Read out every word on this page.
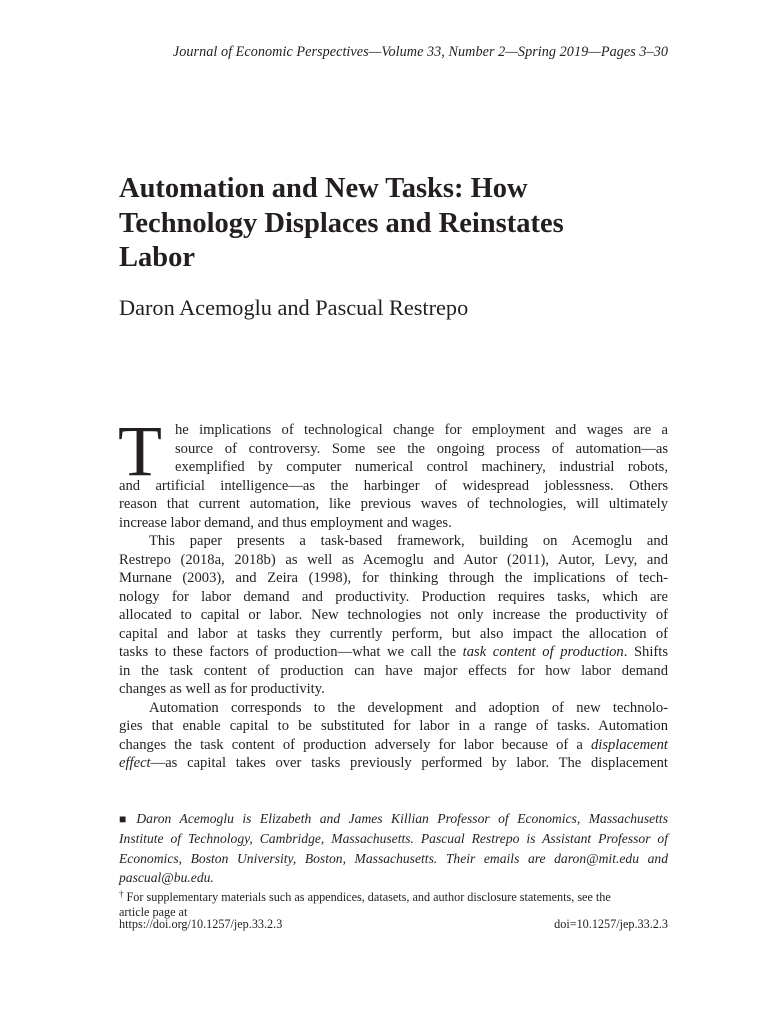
Journal of Economic Perspectives—Volume 33, Number 2—Spring 2019—Pages 3–30
Automation and New Tasks: How
Technology Displaces and Reinstates
Labor
Daron Acemoglu and Pascual Restrepo
T he implications of technological change for employment and wages are a
source of controversy. Some see the ongoing process of automation—as
exemplified by computer numerical control machinery, industrial robots,
and artificial intelligence—as the harbinger of widespread joblessness. Others
reason that current automation, like previous waves of technologies, will ultimately
increase labor demand, and thus employment and wages.
This paper presents a task-based framework, building on Acemoglu and
Restrepo (2018a, 2018b) as well as Acemoglu and Autor (2011), Autor, Levy, and
Murnane (2003), and Zeira (1998), for thinking through the implications of tech-
nology for labor demand and productivity. Production requires tasks, which are
allocated to capital or labor. New technologies not only increase the productivity of
capital and labor at tasks they currently perform, but also impact the allocation of
tasks to these factors of production—what we call the task content of production. Shifts
in the task content of production can have major effects for how labor demand
changes as well as for productivity.
Automation corresponds to the development and adoption of new technolo-
gies that enable capital to be substituted for labor in a range of tasks. Automation
changes the task content of production adversely for labor because of a displacement
effect—as capital takes over tasks previously performed by labor. The displacement
■ Daron Acemoglu is Elizabeth and James Killian Professor of Economics, Massachusetts
Institute of Technology, Cambridge, Massachusetts. Pascual Restrepo is Assistant Professor of
Economics, Boston University, Boston, Massachusetts. Their emails are daron@mit.edu and
pascual@bu.edu.
† For supplementary materials such as appendices, datasets, and author disclosure statements, see the
article page at
https://doi.org/10.1257/jep.33.2.3	doi=10.1257/jep.33.2.3
